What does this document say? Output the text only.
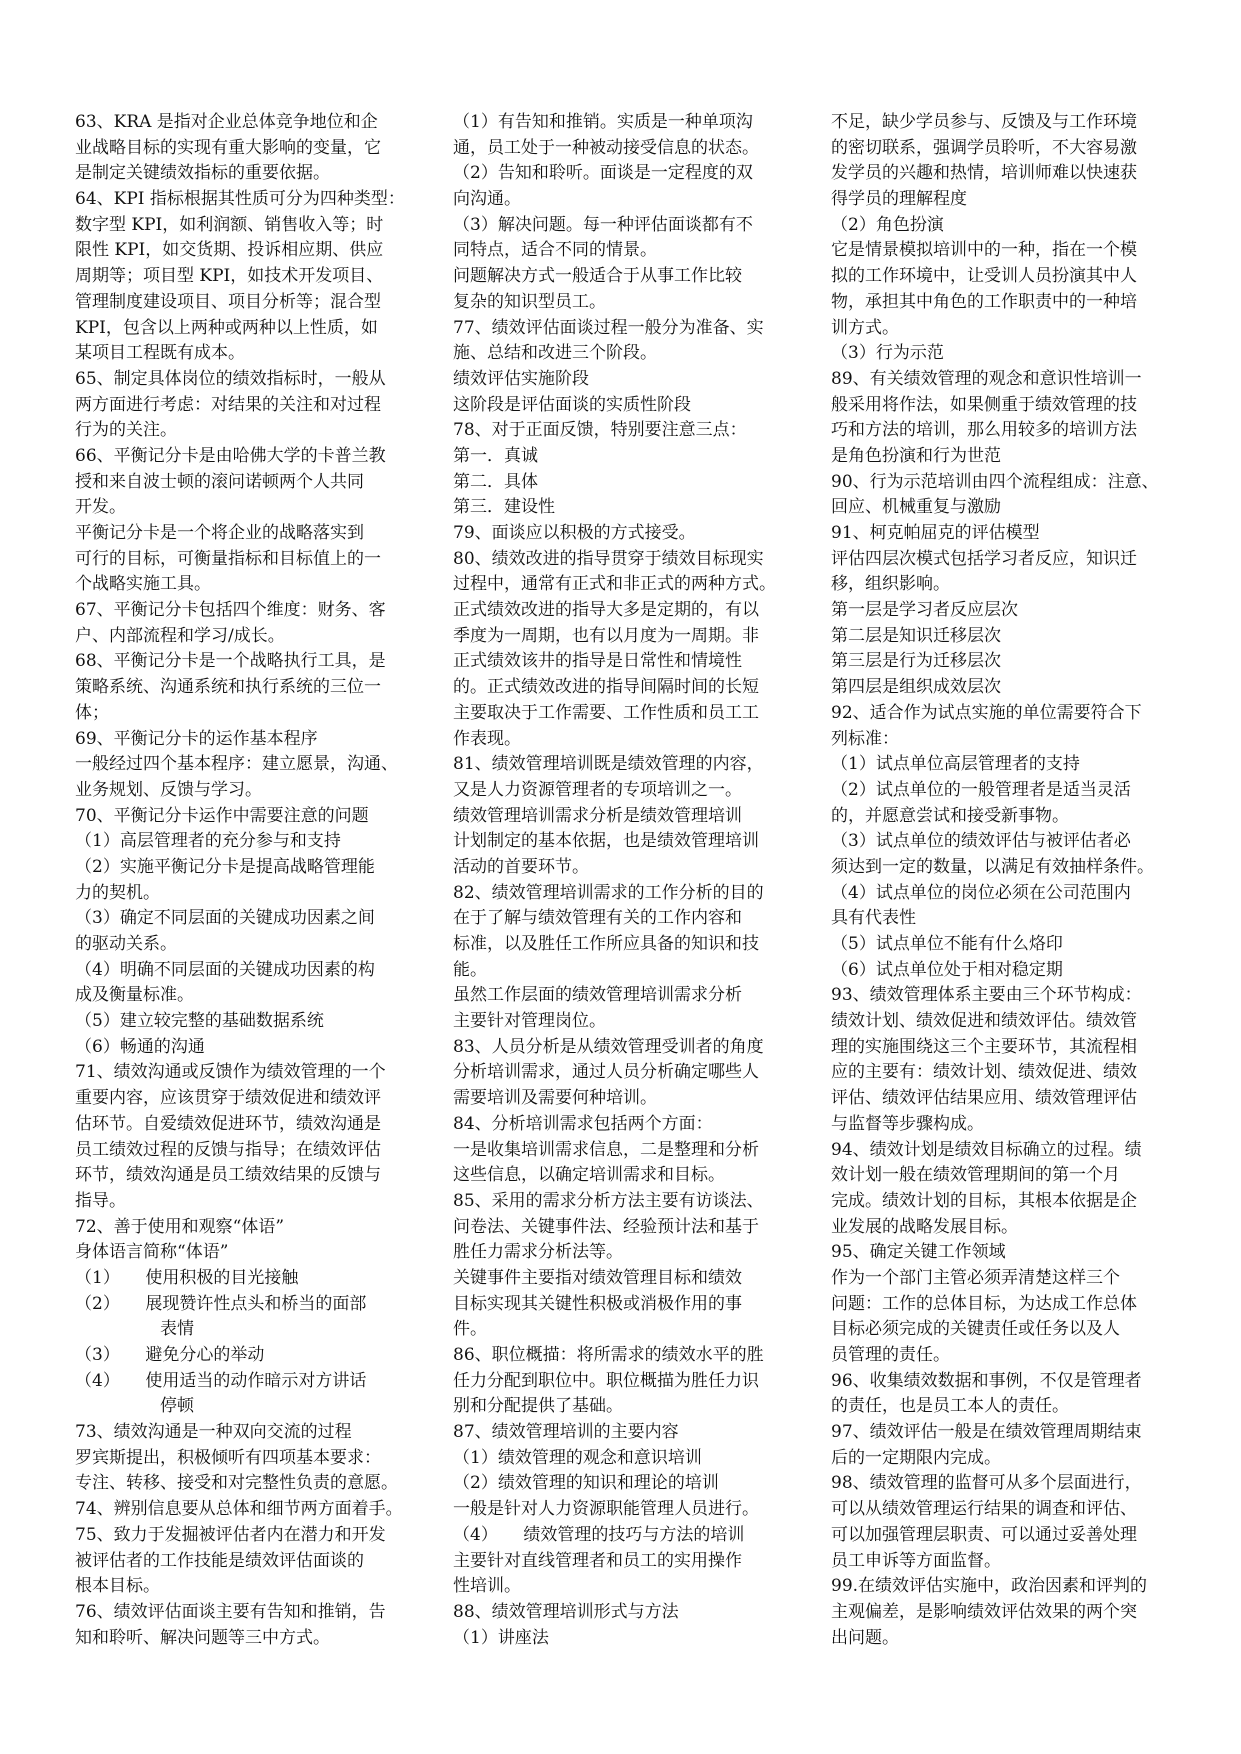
63、KRA 是指对企业总体竞争地位和企
业战略目标的实现有重大影响的变量，它
是制定关键绩效指标的重要依据。
64、KPI 指标根据其性质可分为四种类型：
数字型 KPI，如利润额、销售收入等；时
限性 KPI，如交货期、投诉相应期、供应
周期等；项目型 KPI，如技术开发项目、
管理制度建设项目、项目分析等；混合型
KPI，包含以上两种或两种以上性质，如
某项目工程既有成本。
65、制定具体岗位的绩效指标时，一般从
两方面进行考虑：对结果的关注和对过程
行为的关注。
66、平衡记分卡是由哈佛大学的卡普兰教
授和来自波士顿的滚问诺顿两个人共同
开发。
平衡记分卡是一个将企业的战略落实到
可行的目标，可衡量指标和目标值上的一
个战略实施工具。
67、平衡记分卡包括四个维度：财务、客
户、内部流程和学习/成长。
68、平衡记分卡是一个战略执行工具，是
策略系统、沟通系统和执行系统的三位一
体；
69、平衡记分卡的运作基本程序
一般经过四个基本程序：建立愿景，沟通、
业务规划、反馈与学习。
70、平衡记分卡运作中需要注意的问题
（1）高层管理者的充分参与和支持
（2）实施平衡记分卡是提高战略管理能
力的契机。
（3）确定不同层面的关键成功因素之间
的驱动关系。
（4）明确不同层面的关键成功因素的构
成及衡量标准。
（5）建立较完整的基础数据系统
（6）畅通的沟通
71、绩效沟通或反馈作为绩效管理的一个
重要内容，应该贯穿于绩效促进和绩效评
估环节。自爱绩效促进环节，绩效沟通是
员工绩效过程的反馈与指导；在绩效评估
环节，绩效沟通是员工绩效结果的反馈与
指导。
72、善于使用和观察“体语”
身体语言简称“体语”
（1）　　使用积极的目光接触
（2）　　展现赞许性点头和桥当的面部
　　　　　表情
（3）　　避免分心的举动
（4）　　使用适当的动作暗示对方讲话
　　　　　停顿
73、绩效沟通是一种双向交流的过程
罗宾斯提出，积极倾听有四项基本要求：
专注、转移、接受和对完整性负责的意愿。
74、辨别信息要从总体和细节两方面着手。
75、致力于发掘被评估者内在潜力和开发
被评估者的工作技能是绩效评估面谈的
根本目标。
76、绩效评估面谈主要有告知和推销，告
知和聆听、解决问题等三中方式。
（1）有告知和推销。实质是一种单项沟
通，员工处于一种被动接受信息的状态。
（2）告知和聆听。面谈是一定程度的双
向沟通。
（3）解决问题。每一种评估面谈都有不
同特点，适合不同的情景。
问题解决方式一般适合于从事工作比较
复杂的知识型员工。
77、绩效评估面谈过程一般分为准备、实
施、总结和改进三个阶段。
绩效评估实施阶段
这阶段是评估面谈的实质性阶段
78、对于正面反馈，特别要注意三点：
第一．真诚
第二．具体
第三．建设性
79、面谈应以积极的方式接受。
80、绩效改进的指导贯穿于绩效目标现实
过程中，通常有正式和非正式的两种方式。
正式绩效改进的指导大多是定期的，有以
季度为一周期，也有以月度为一周期。非
正式绩效该井的指导是日常性和情境性
的。正式绩效改进的指导间隔时间的长短
主要取决于工作需要、工作性质和员工工
作表现。
81、绩效管理培训既是绩效管理的内容，
又是人力资源管理者的专项培训之一。
绩效管理培训需求分析是绩效管理培训
计划制定的基本依据，也是绩效管理培训
活动的首要环节。
82、绩效管理培训需求的工作分析的目的
在于了解与绩效管理有关的工作内容和
标准，以及胜任工作所应具备的知识和技
能。
虽然工作层面的绩效管理培训需求分析
主要针对管理岗位。
83、人员分析是从绩效管理受训者的角度
分析培训需求，通过人员分析确定哪些人
需要培训及需要何种培训。
84、分析培训需求包括两个方面：
一是收集培训需求信息，二是整理和分析
这些信息，以确定培训需求和目标。
85、采用的需求分析方法主要有访谈法、
问卷法、关键事件法、经验预计法和基于
胜任力需求分析法等。
关键事件主要指对绩效管理目标和绩效
目标实现其关键性积极或消极作用的事
件。
86、职位概描：将所需求的绩效水平的胜
任力分配到职位中。职位概描为胜任力识
别和分配提供了基础。
87、绩效管理培训的主要内容
（1）绩效管理的观念和意识培训
（2）绩效管理的知识和理论的培训
一般是针对人力资源职能管理人员进行。
（4）　　绩效管理的技巧与方法的培训
主要针对直线管理者和员工的实用操作
性培训。
88、绩效管理培训形式与方法
（1）讲座法
不足，缺少学员参与、反馈及与工作环境
的密切联系，强调学员聆听，不大容易激
发学员的兴趣和热情，培训师难以快速获
得学员的理解程度
（2）角色扮演
它是情景模拟培训中的一种，指在一个模
拟的工作环境中，让受训人员扮演其中人
物，承担其中角色的工作职责中的一种培
训方式。
（3）行为示范
89、有关绩效管理的观念和意识性培训一
般采用将作法，如果侧重于绩效管理的技
巧和方法的培训，那么用较多的培训方法
是角色扮演和行为世范
90、行为示范培训由四个流程组成：注意、
回应、机械重复与激励
91、柯克帕屈克的评估模型
评估四层次模式包括学习者反应，知识迁
移，组织影响。
第一层是学习者反应层次
第二层是知识迁移层次
第三层是行为迁移层次
第四层是组织成效层次
92、适合作为试点实施的单位需要符合下
列标准：
（1）试点单位高层管理者的支持
（2）试点单位的一般管理者是适当灵活
的，并愿意尝试和接受新事物。
（3）试点单位的绩效评估与被评估者必
须达到一定的数量，以满足有效抽样条件。
（4）试点单位的岗位必须在公司范围内
具有代表性
（5）试点单位不能有什么烙印
（6）试点单位处于相对稳定期
93、绩效管理体系主要由三个环节构成：
绩效计划、绩效促进和绩效评估。绩效管
理的实施围绕这三个主要环节，其流程相
应的主要有：绩效计划、绩效促进、绩效
评估、绩效评估结果应用、绩效管理评估
与监督等步骤构成。
94、绩效计划是绩效目标确立的过程。绩
效计划一般在绩效管理期间的第一个月
完成。绩效计划的目标，其根本依据是企
业发展的战略发展目标。
95、确定关键工作领域
作为一个部门主管必须弄清楚这样三个
问题：工作的总体目标，为达成工作总体
目标必须完成的关键责任或任务以及人
员管理的责任。
96、收集绩效数据和事例，不仅是管理者
的责任，也是员工本人的责任。
97、绩效评估一般是在绩效管理周期结束
后的一定期限内完成。
98、绩效管理的监督可从多个层面进行，
可以从绩效管理运行结果的调查和评估、
可以加强管理层职责、可以通过妥善处理
员工申诉等方面监督。
99.在绩效评估实施中，政治因素和评判的
主观偏差，是影响绩效评估效果的两个突
出问题。
